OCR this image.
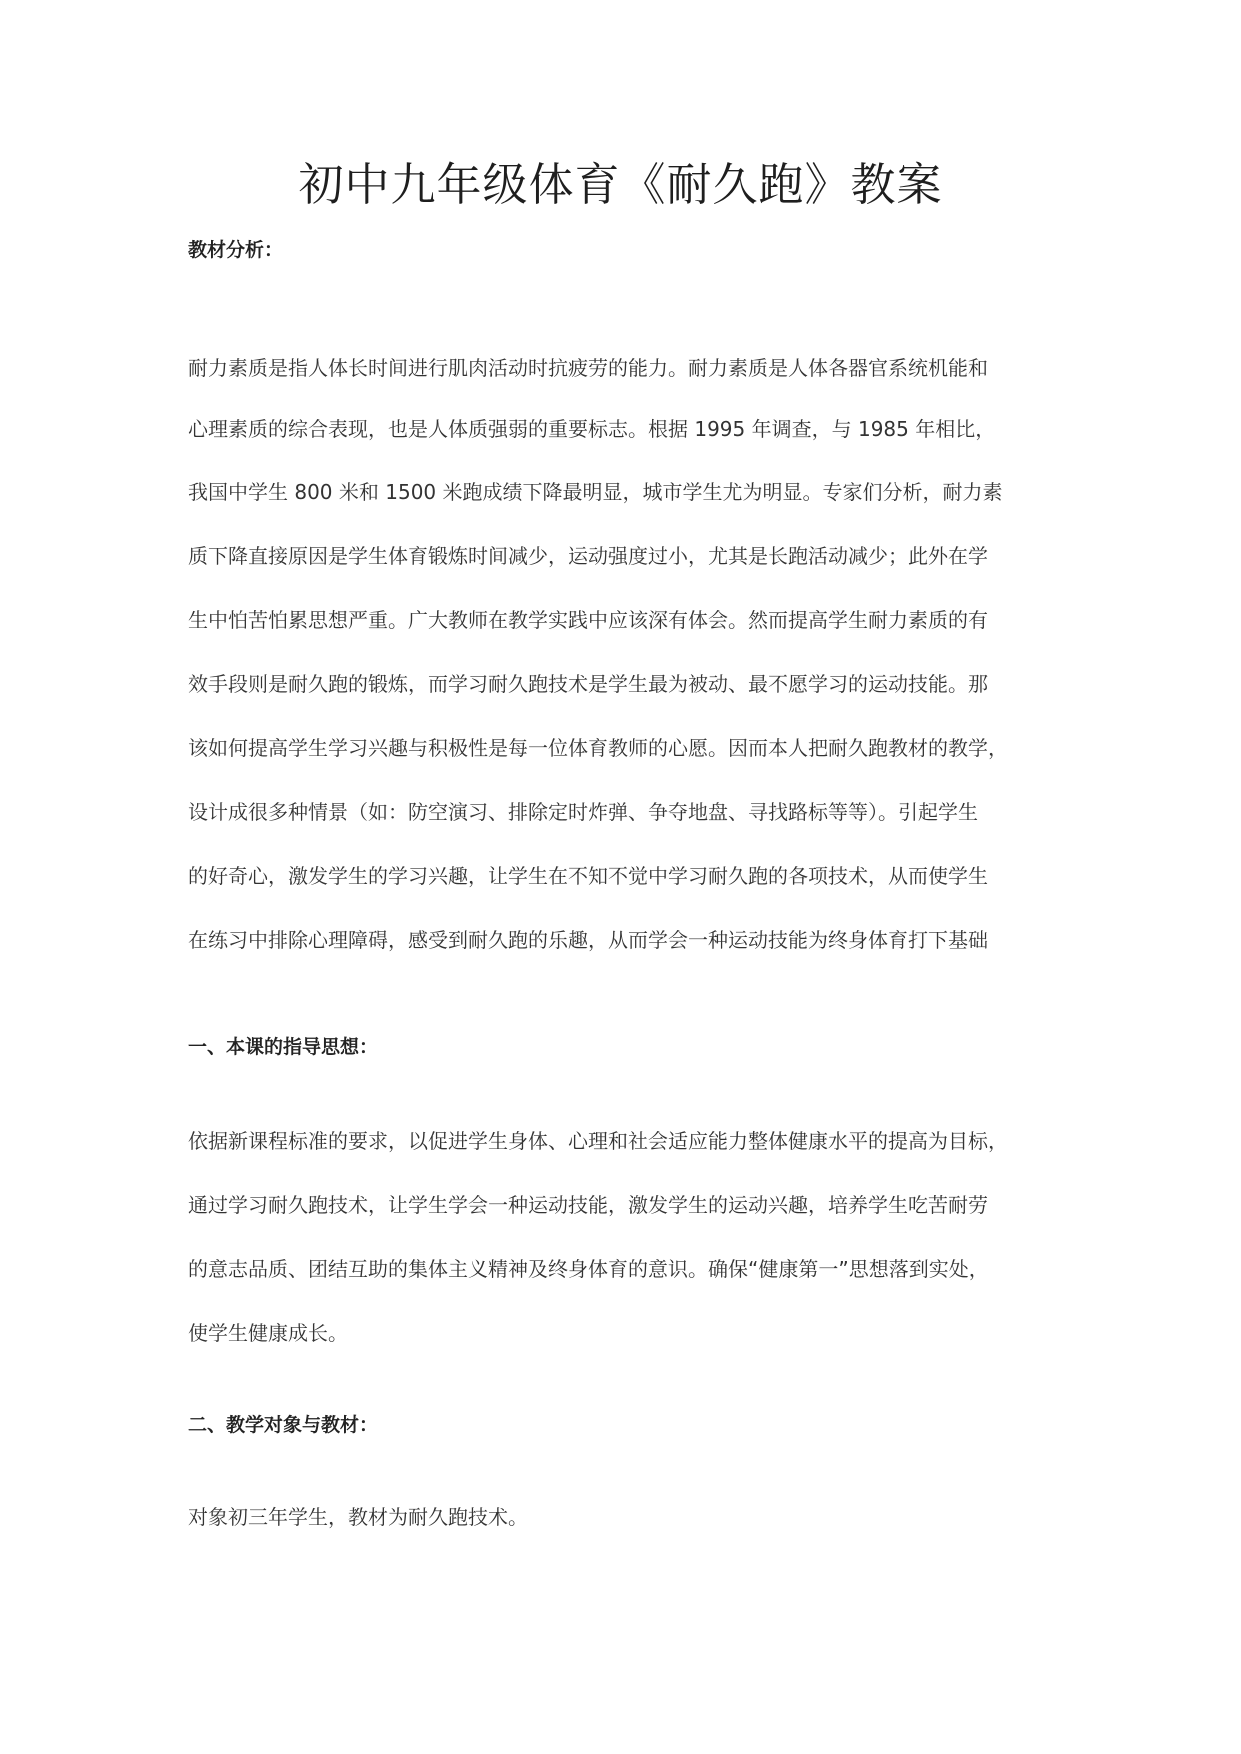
初中九年级体育《耐久跑》教案
教材分析：
耐力素质是指人体长时间进行肌肉活动时抗疲劳的能力。耐力素质是人体各器官系统机能和
心理素质的综合表现，也是人体质强弱的重要标志。根据 1995 年调查，与 1985 年相比，
我国中学生 800 米和 1500 米跑成绩下降最明显，城市学生尤为明显。专家们分析，耐力素
质下降直接原因是学生体育锻炼时间减少，运动强度过小，尤其是长跑活动减少；此外在学
生中怕苦怕累思想严重。广大教师在教学实践中应该深有体会。然而提高学生耐力素质的有
效手段则是耐久跑的锻炼，而学习耐久跑技术是学生最为被动、最不愿学习的运动技能。那
该如何提高学生学习兴趣与积极性是每一位体育教师的心愿。因而本人把耐久跑教材的教学，
设计成很多种情景（如：防空演习、排除定时炸弹、争夺地盘、寻找路标等等）。引起学生
的好奇心，激发学生的学习兴趣，让学生在不知不觉中学习耐久跑的各项技术，从而使学生
在练习中排除心理障碍，感受到耐久跑的乐趣，从而学会一种运动技能为终身体育打下基础
一、本课的指导思想：
依据新课程标准的要求，以促进学生身体、心理和社会适应能力整体健康水平的提高为目标，
通过学习耐久跑技术，让学生学会一种运动技能，激发学生的运动兴趣，培养学生吃苦耐劳
的意志品质、团结互助的集体主义精神及终身体育的意识。确保“健康第一”思想落到实处，
使学生健康成长。
二、教学对象与教材：
对象初三年学生，教材为耐久跑技术。
